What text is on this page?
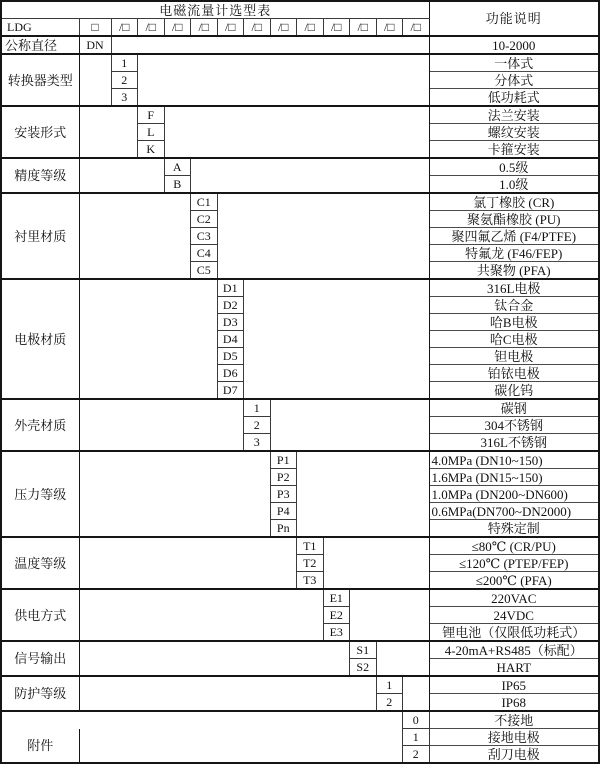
电磁流量计选型表														功能说明
LDG	□	/□	/□	/□	/□	/□	/□	/□	/□	/□	/□	/□	/□	
公称直径	DN													10-2000
转换器类型		1												一体式
		2												分体式
		3												低功耗式
安装形式			F											法兰安装
			L											螺纹安装
			K											卡箍安装
精度等级				A										0.5级
				B										1.0级
衬里材质					C1									氯丁橡胶 (CR)
					C2									聚氨酯橡胶 (PU)
					C3									聚四氟乙烯 (F4/PTFE)
					C4									特氟龙 (F46/FEP)
					C5									共聚物 (PFA)
电极材质						D1								316L电极
						D2								钛合金
						D3								哈B电极
						D4								哈C电极
						D5								钽电极
						D6								铂铱电极
						D7								碳化钨
外壳材质							1							碳钢
							2							304不锈钢
							3							316L不锈钢
压力等级								P1						4.0MPa (DN10~150)
								P2						1.6MPa (DN15~150)
								P3						1.0MPa (DN200~DN600)
								P4						0.6MPa(DN700~DN2000)
								Pn						特殊定制
温度等级									T1					≤80℃ (CR/PU)
									T2					≤120℃ (PTEP/FEP)
									T3					≤200℃ (PFA)
供电方式										E1				220VAC
										E2				24VDC
										E3				锂电池（仅限低功耗式）
信号输出											S1			4-20mA+RS485（标配）
											S2			HART
防护等级												1		IP65
												2		IP68
													0	不接地
附件													1	接地电极
													2	刮刀电极
